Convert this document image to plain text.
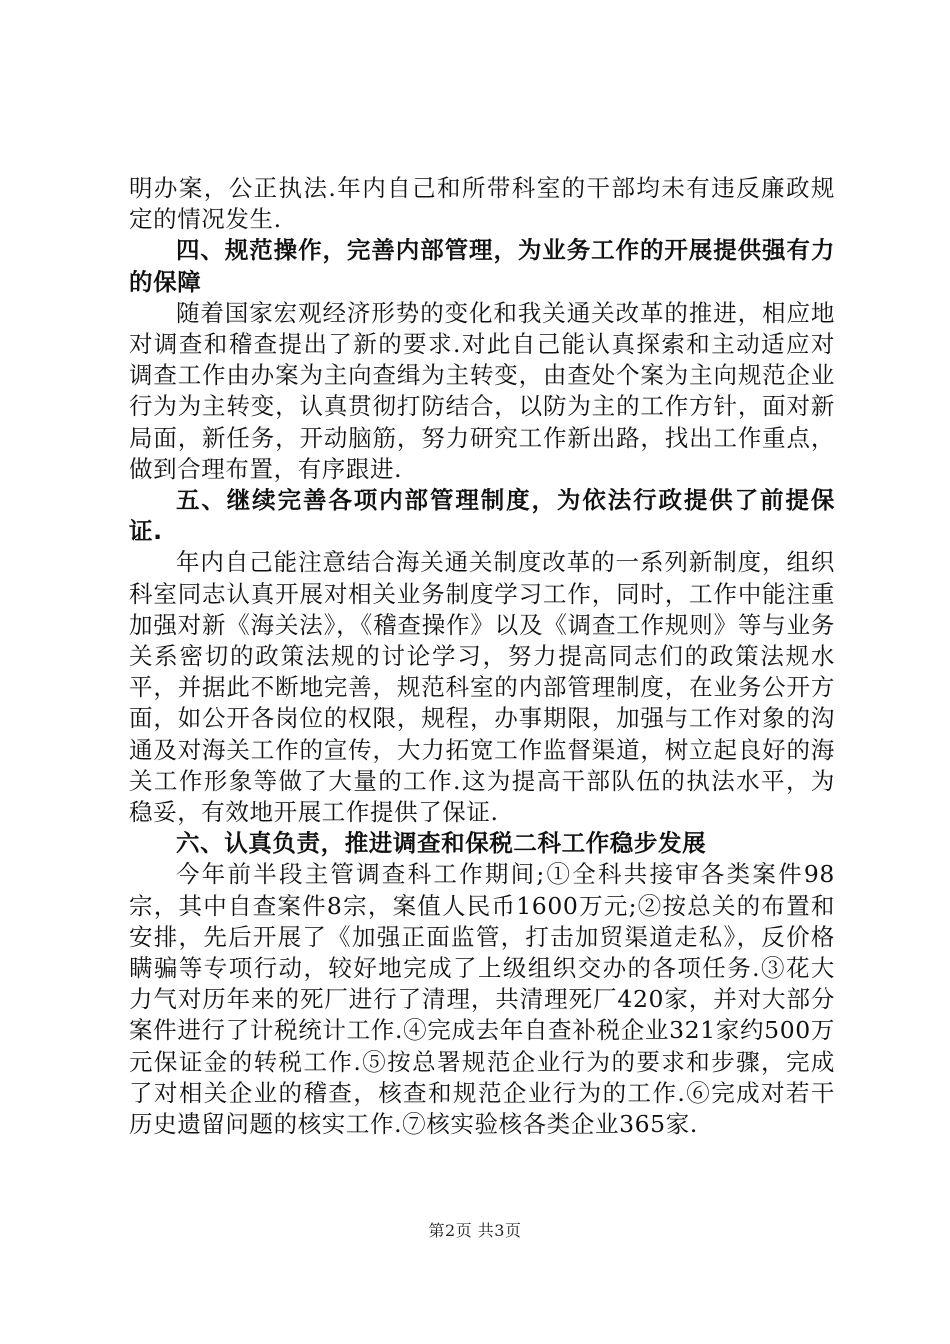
明办案，公正执法.年内自己和所带科室的干部均未有违反廉政规定的情况发生.

四、规范操作，完善内部管理，为业务工作的开展提供强有力的保障

随着国家宏观经济形势的变化和我关通关改革的推进，相应地对调查和稽查提出了新的要求.对此自己能认真探索和主动适应对调查工作由办案为主向查缉为主转变，由查处个案为主向规范企业行为为主转变，认真贯彻打防结合，以防为主的工作方针，面对新局面，新任务，开动脑筋，努力研究工作新出路，找出工作重点，做到合理布置，有序跟进.

五、继续完善各项内部管理制度，为依法行政提供了前提保证.

年内自己能注意结合海关通关制度改革的一系列新制度，组织科室同志认真开展对相关业务制度学习工作，同时，工作中能注重加强对新《海关法》，《稽查操作》以及《调查工作规则》等与业务关系密切的政策法规的讨论学习，努力提高同志们的政策法规水平，并据此不断地完善，规范科室的内部管理制度，在业务公开方面，如公开各岗位的权限，规程，办事期限，加强与工作对象的沟通及对海关工作的宣传，大力拓宽工作监督渠道，树立起良好的海关工作形象等做了大量的工作.这为提高干部队伍的执法水平，为稳妥，有效地开展工作提供了保证.

六、认真负责，推进调查和保税二科工作稳步发展

今年前半段主管调查科工作期间;①全科共接审各类案件98宗，其中自查案件8宗，案值人民币1600万元;②按总关的布置和安排，先后开展了《加强正面监管，打击加贸渠道走私》，反价格瞒骗等专项行动，较好地完成了上级组织交办的各项任务.③花大力气对历年来的死厂进行了清理，共清理死厂420家，并对大部分案件进行了计税统计工作.④完成去年自查补税企业321家约500万元保证金的转税工作.⑤按总署规范企业行为的要求和步骤，完成了对相关企业的稽查，核查和规范企业行为的工作.⑥完成对若干历史遗留问题的核实工作.⑦核实验核各类企业365家.

第2页 共3页
